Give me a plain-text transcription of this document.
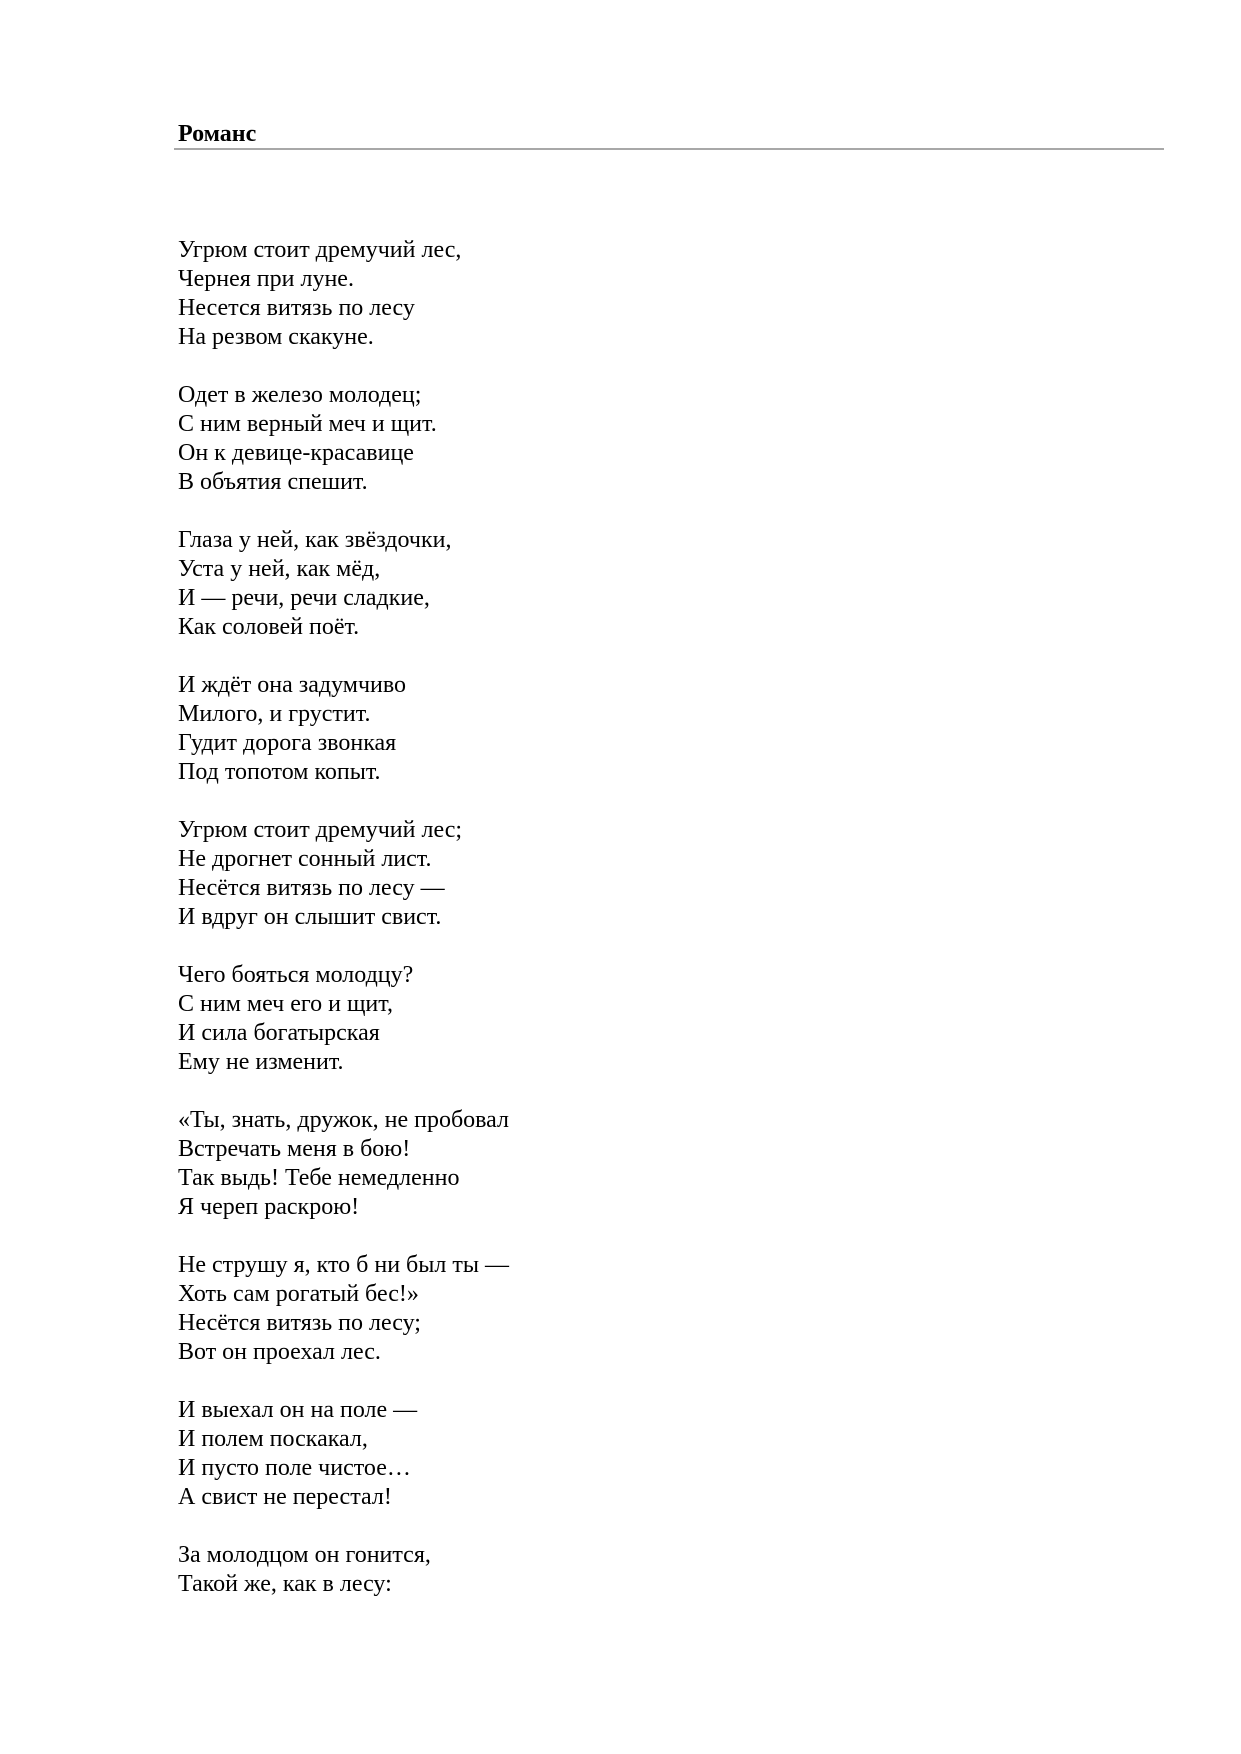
Романс
Угрюм стоит дремучий лес,
Чернея при луне.
Несется витязь по лесу
На резвом скакуне.
Одет в железо молодец;
С ним верный меч и щит.
Он к девице-красавице
В объятия спешит.
Глаза у ней, как звёздочки,
Уста у ней, как мёд,
И — речи, речи сладкие,
Как соловей поёт.
И ждёт она задумчиво
Милого, и грустит.
Гудит дорога звонкая
Под топотом копыт.
Угрюм стоит дремучий лес;
Не дрогнет сонный лист.
Несётся витязь по лесу —
И вдруг он слышит свист.
Чего бояться молодцу?
С ним меч его и щит,
И сила богатырская
Ему не изменит.
«Ты, знать, дружок, не пробовал
Встречать меня в бою!
Так выдь! Тебе немедленно
Я череп раскрою!
Не струшу я, кто б ни был ты —
Хоть сам рогатый бес!»
Несётся витязь по лесу;
Вот он проехал лес.
И выехал он на поле —
И полем поскакал,
И пусто поле чистое…
А свист не перестал!
За молодцом он гонится,
Такой же, как в лесу:
